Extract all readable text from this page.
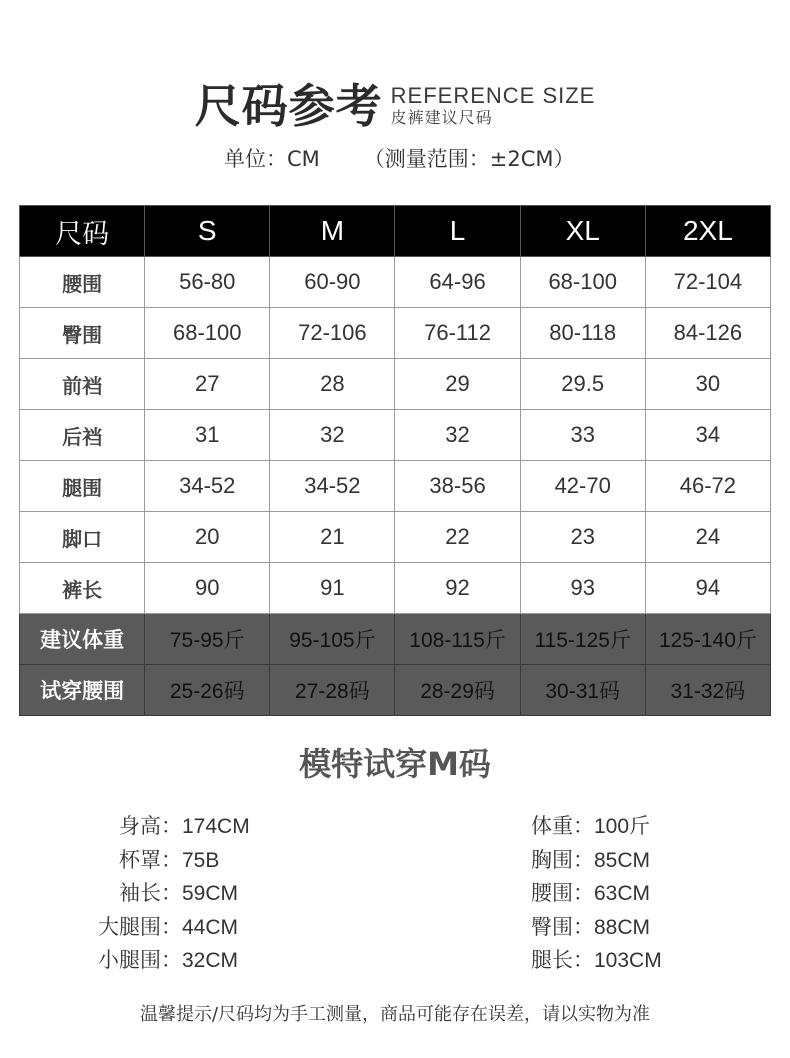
尺码参考 REFERENCE SIZE
皮裤建议尺码
单位：CM （测量范围：±2CM）
尺码	S	M	L	XL	2XL
腰围	56-80	60-90	64-96	68-100	72-104
臀围	68-100	72-106	76-112	80-118	84-126
前裆	27	28	29	29.5	30
后裆	31	32	32	33	34
腿围	34-52	34-52	38-56	42-70	46-72
脚口	20	21	22	23	24
裤长	90	91	92	93	94
建议体重	75-95斤	95-105斤	108-115斤	115-125斤	125-140斤
试穿腰围	25-26码	27-28码	28-29码	30-31码	31-32码
模特试穿M码
身高： 174CM
杯罩： 75B
袖长： 59CM
大腿围： 44CM
小腿围： 32CM
体重： 100斤
胸围： 85CM
腰围： 63CM
臀围： 88CM
腿长： 103CM
温馨提示/尺码均为手工测量，商品可能存在误差，请以实物为准
